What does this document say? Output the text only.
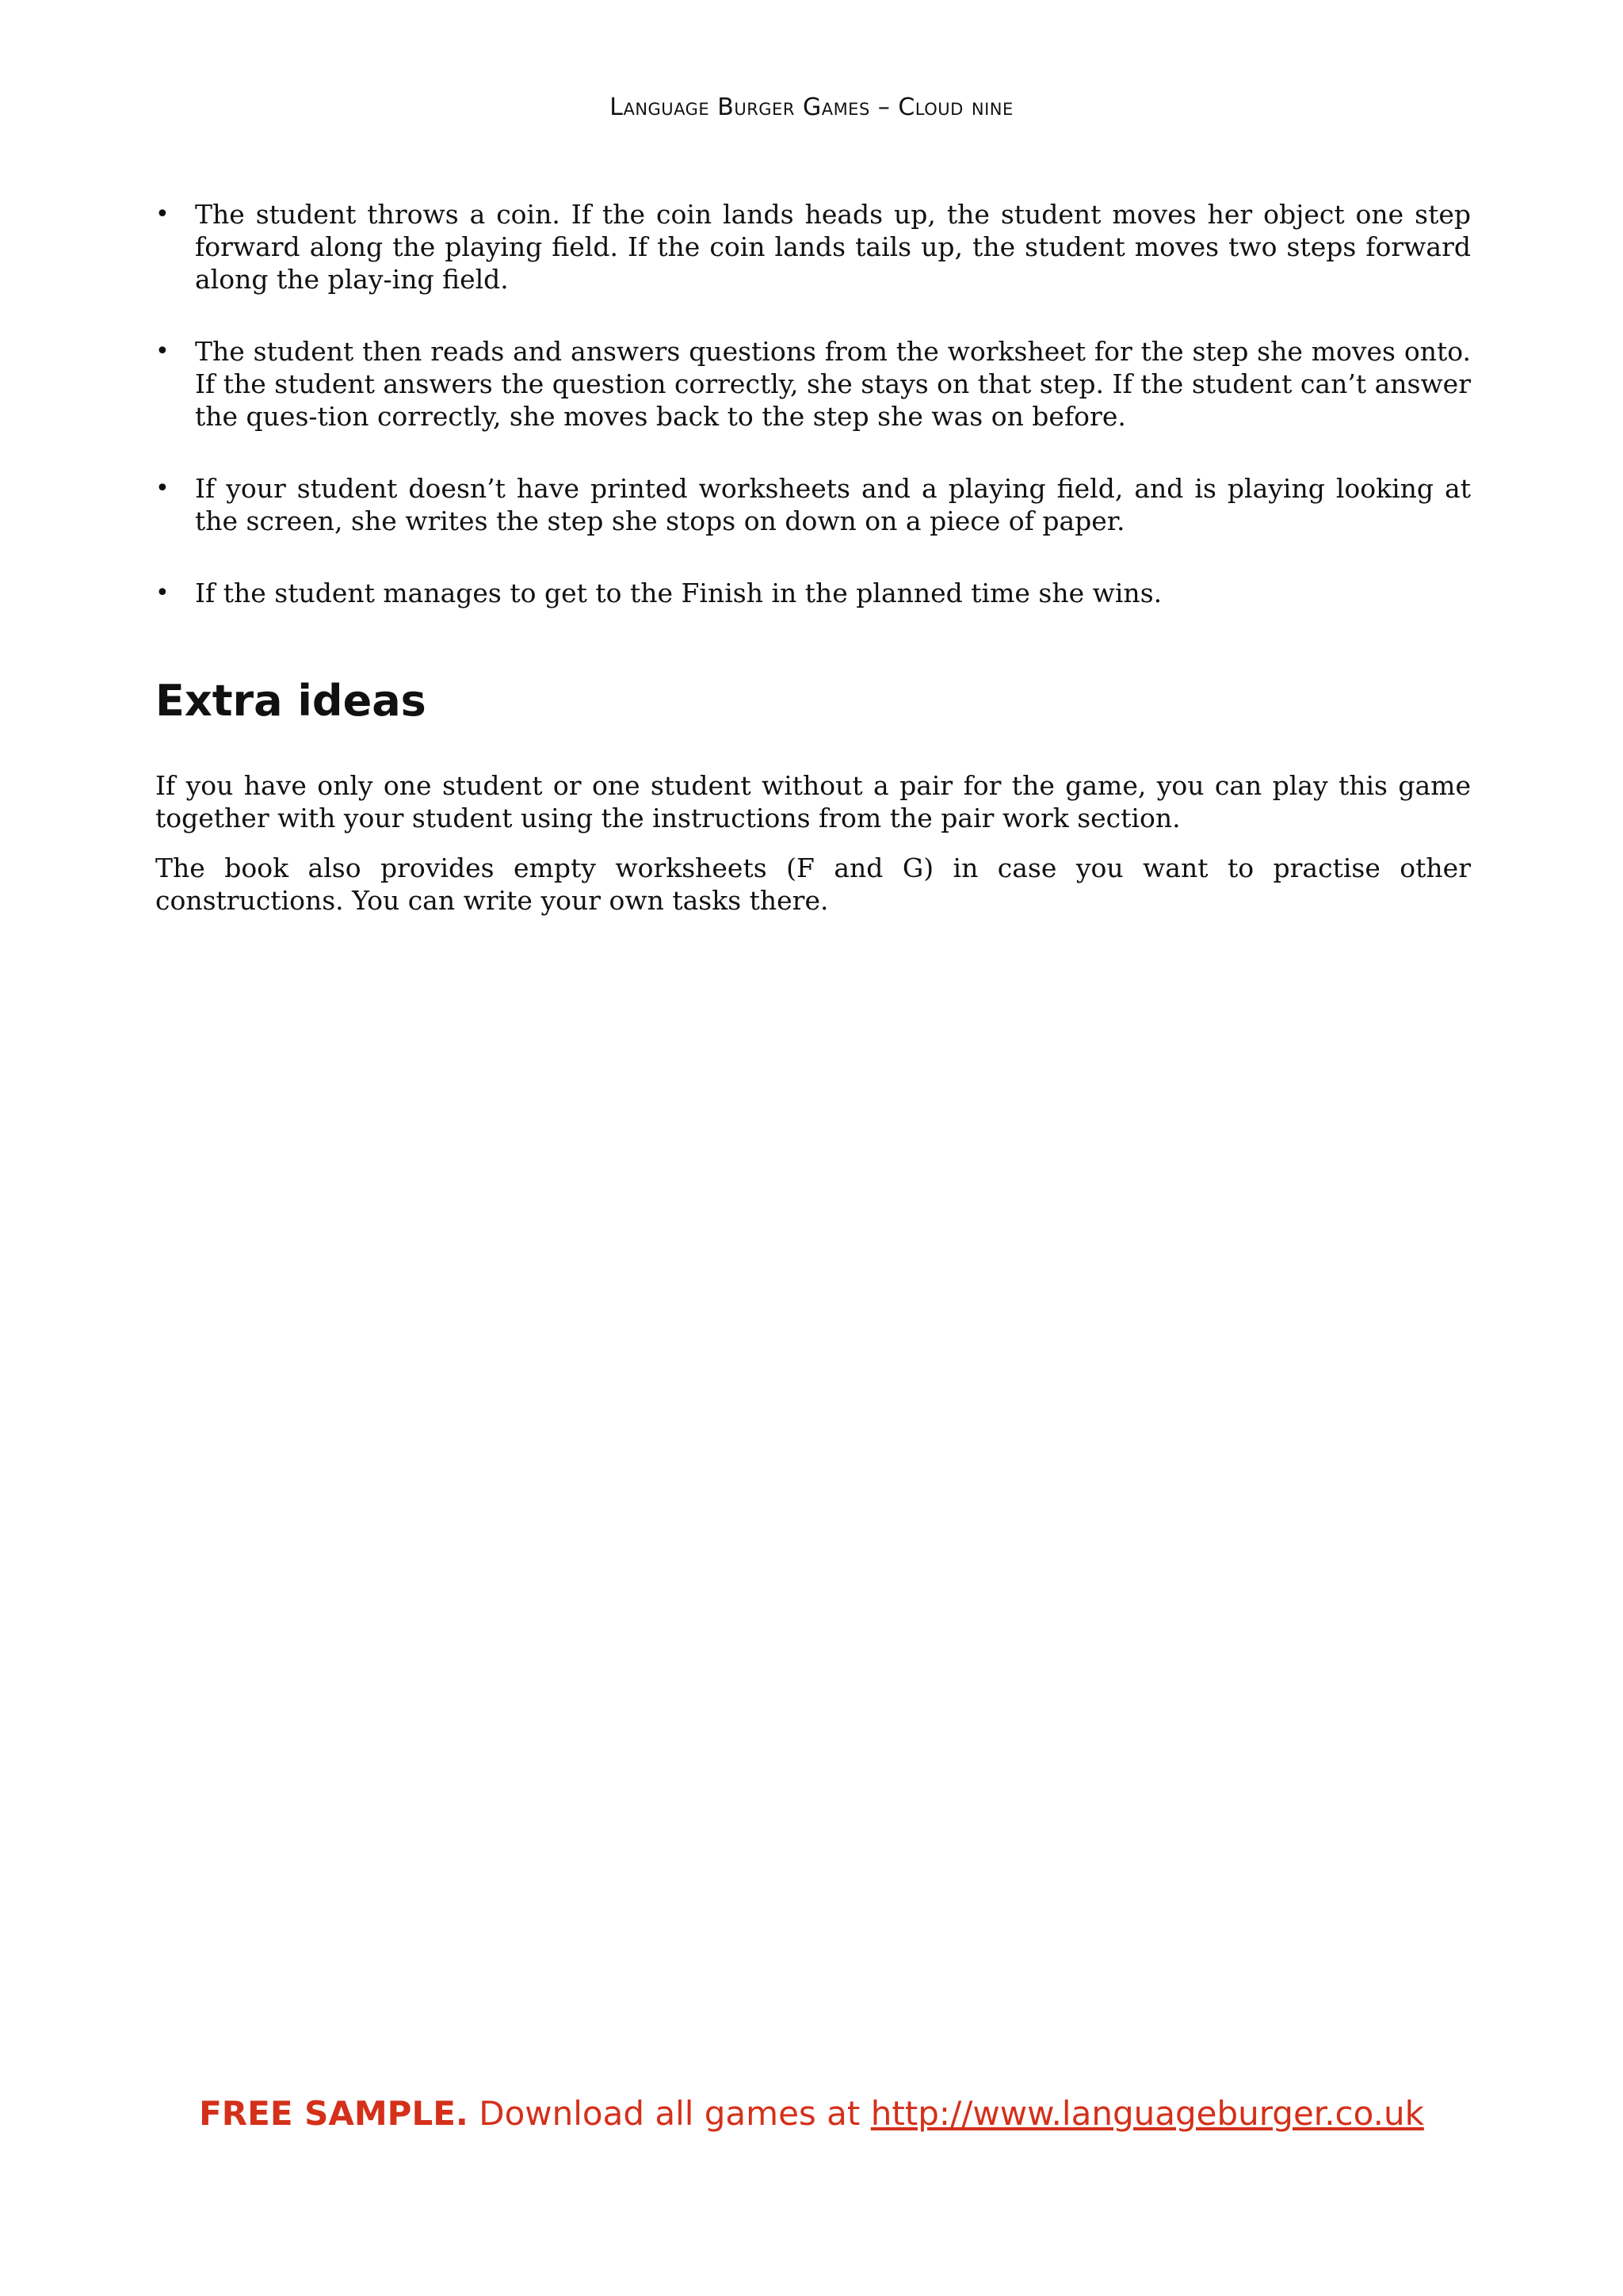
Language Burger Games – Cloud nine
• The student throws a coin. If the coin lands heads up, the student moves her object one step forward along the playing field. If the coin lands tails up, the student moves two steps forward along the play-ing field.
• The student then reads and answers questions from the worksheet for the step she moves onto. If the student answers the question correctly, she stays on that step. If the student can’t answer the ques-tion correctly, she moves back to the step she was on before.
• If your student doesn’t have printed worksheets and a playing field, and is playing looking at the screen, she writes the step she stops on down on a piece of paper.
• If the student manages to get to the Finish in the planned time she wins.
Extra ideas

If you have only one student or one student without a pair for the game, you can play this game together with your student using the instructions from the pair work section.

The book also provides empty worksheets (F and G) in case you want to practise other constructions. You can write your own tasks there.

FREE SAMPLE. Download all games at http://www.languageburger.co.uk
